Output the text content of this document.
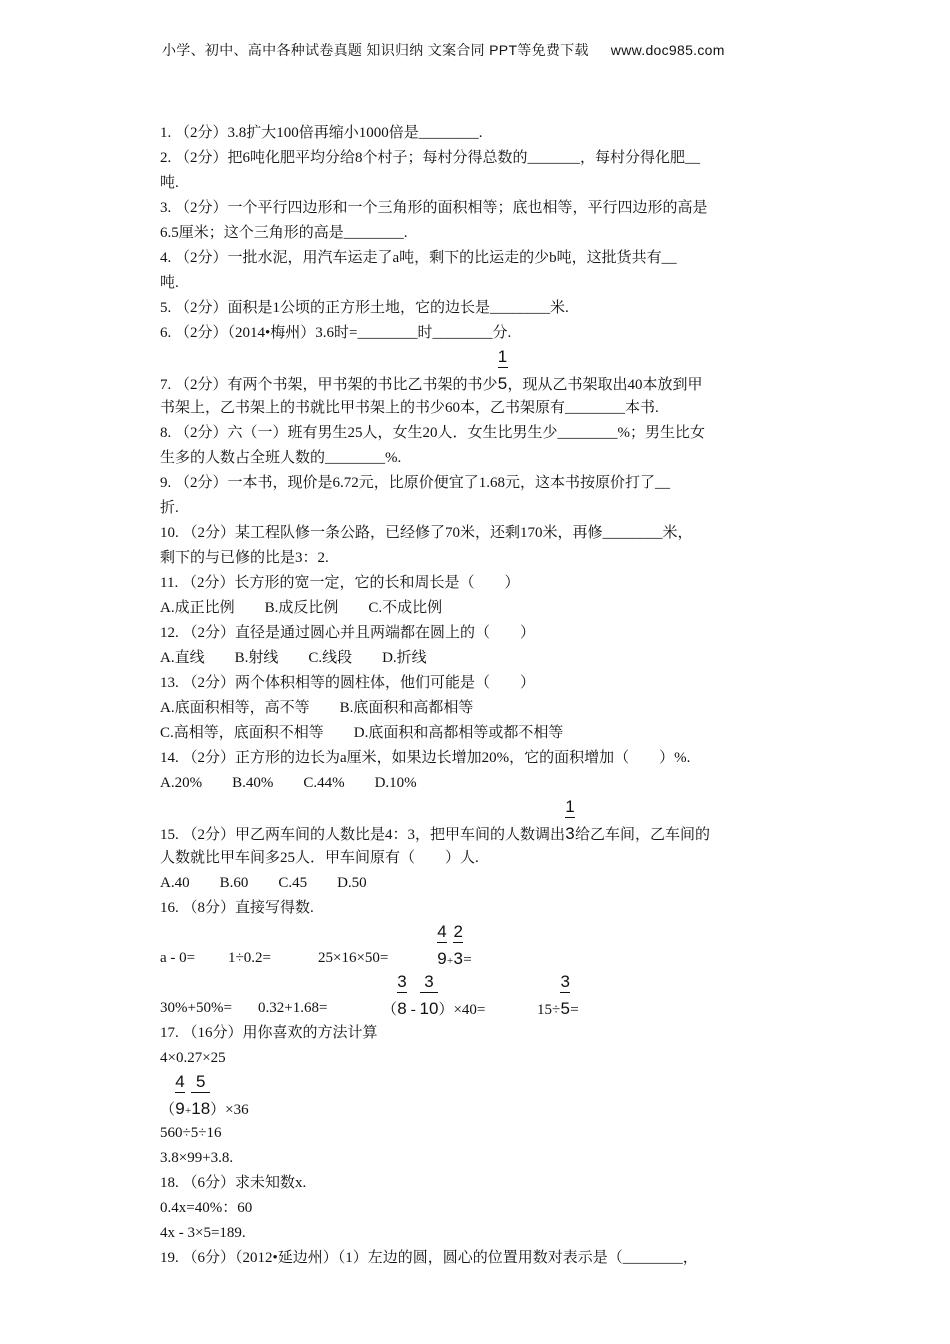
小学、初中、高中各种试卷真题 知识归纳 文案合同 PPT等免费下载 www.doc985.com
1. （2分）3.8扩大100倍再缩小1000倍是________.
2. （2分）把6吨化肥平均分给8个村子；每村分得总数的_______，每村分得化肥__
吨.
3. （2分）一个平行四边形和一个三角形的面积相等；底也相等，平行四边形的高是
6.5厘米；这个三角形的高是________.
4. （2分）一批水泥，用汽车运走了a吨，剩下的比运走的少b吨，这批货共有__
吨.
5. （2分）面积是1公顷的正方形土地，它的边长是________米.
6. （2分）（2014•梅州）3.6时=________时________分.
7. （2分）有两个书架，甲书架的书比乙书架的书少 $\frac{1}{5}$，现从乙书架取出40本放到甲
书架上，乙书架上的书就比甲书架上的书少60本，乙书架原有________本书.
8. （2分）六（一）班有男生25人，女生20人．女生比男生少________%；男生比女
生多的人数占全班人数的________%.
9. （2分）一本书，现价是6.72元，比原价便宜了1.68元，这本书按原价打了__
折.
10. （2分）某工程队修一条公路，已经修了70米，还剩170米，再修________米，
剩下的与已修的比是3：2.
11. （2分）长方形的宽一定，它的长和周长是（　　）
A.成正比例　　B.成反比例　　C.不成比例
12. （2分）直径是通过圆心并且两端都在圆上的（　　）
A.直线　　B.射线　　C.线段　　D.折线
13. （2分）两个体积相等的圆柱体，他们可能是（　　）
A.底面积相等，高不等　　B.底面积和高都相等
C.高相等，底面积不相等　　D.底面积和高都相等或都不相等
14. （2分）正方形的边长为a厘米，如果边长增加20%，它的面积增加（　　）%.
A.20%　　B.40%　　C.44%　　D.10%
15. （2分）甲乙两车间的人数比是4：3，把甲车间的人数调出 $\frac{1}{3}$给乙车间，乙车间的
人数就比甲车间多25人．甲车间原有（　　）人.
A.40　　B.60　　C.45　　D.50
16. （8分）直接写得数.
a - 0= 1÷0.2=	25×16×50=	$\frac{4}{9}+ \frac{2}{3}=$
30%+50%= 0.32+1.68=	（ $\frac{3}{8} - \frac{3}{10})\times 40=$	$15\div \frac{3}{5}=$
17. （16分）用你喜欢的方法计算
4×0.27×25
（ $\frac{4}{9}+ \frac{5}{18})\times 36$
560÷5÷16
3.8×99+3.8.
18. （6分）求未知数x.
0.4x=40%：60
4x - 3×5=189.
19. （6分）（2012•延边州）（1）左边的圆，圆心的位置用数对表示是（________，
